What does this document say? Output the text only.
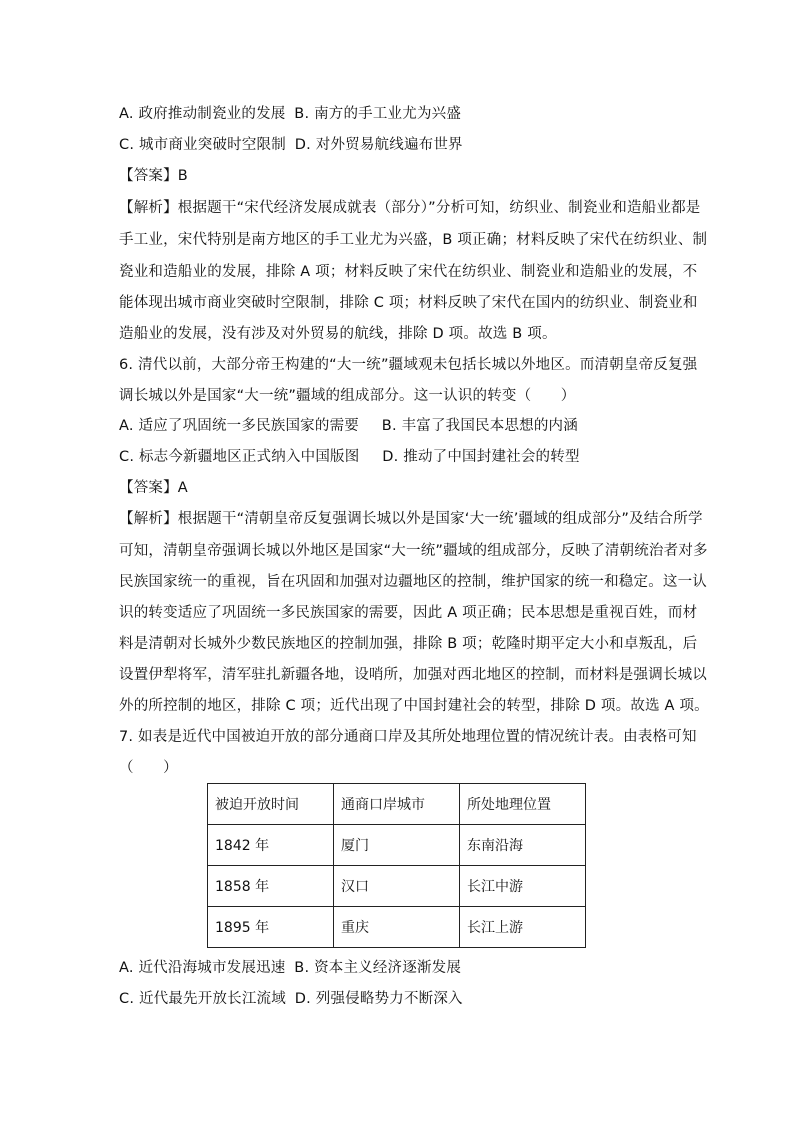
A. 政府推动制瓷业的发展 B. 南方的手工业尤为兴盛
C. 城市商业突破时空限制 D. 对外贸易航线遍布世界
【答案】B
【解析】根据题干“宋代经济发展成就表（部分）”分析可知，纺织业、制瓷业和造船业都是
手工业，宋代特别是南方地区的手工业尤为兴盛，B 项正确；材料反映了宋代在纺织业、制
瓷业和造船业的发展，排除 A 项；材料反映了宋代在纺织业、制瓷业和造船业的发展，不
能体现出城市商业突破时空限制，排除 C 项；材料反映了宋代在国内的纺织业、制瓷业和
造船业的发展，没有涉及对外贸易的航线，排除 D 项。故选 B 项。
6. 清代以前，大部分帝王构建的“大一统”疆域观未包括长城以外地区。而清朝皇帝反复强
调长城以外是国家“大一统”疆域的组成部分。这一认识的转变（　　）
A. 适应了巩固统一多民族国家的需要 B. 丰富了我国民本思想的内涵
C. 标志今新疆地区正式纳入中国版图 D. 推动了中国封建社会的转型
【答案】A
【解析】根据题干“清朝皇帝反复强调长城以外是国家‘大一统’疆域的组成部分”及结合所学
可知，清朝皇帝强调长城以外地区是国家“大一统”疆域的组成部分，反映了清朝统治者对多
民族国家统一的重视，旨在巩固和加强对边疆地区的控制，维护国家的统一和稳定。这一认
识的转变适应了巩固统一多民族国家的需要，因此 A 项正确；民本思想是重视百姓，而材
料是清朝对长城外少数民族地区的控制加强，排除 B 项；乾隆时期平定大小和卓叛乱，后
设置伊犁将军，清军驻扎新疆各地，设哨所，加强对西北地区的控制，而材料是强调长城以
外的所控制的地区，排除 C 项；近代出现了中国封建社会的转型，排除 D 项。故选 A 项。
7. 如表是近代中国被迫开放的部分通商口岸及其所处地理位置的情况统计表。由表格可知
（　　）
被迫开放时间	通商口岸城市	所处地理位置
1842 年	厦门	东南沿海
1858 年	汉口	长江中游
1895 年	重庆	长江上游
A. 近代沿海城市发展迅速 B. 资本主义经济逐渐发展
C. 近代最先开放长江流域 D. 列强侵略势力不断深入
